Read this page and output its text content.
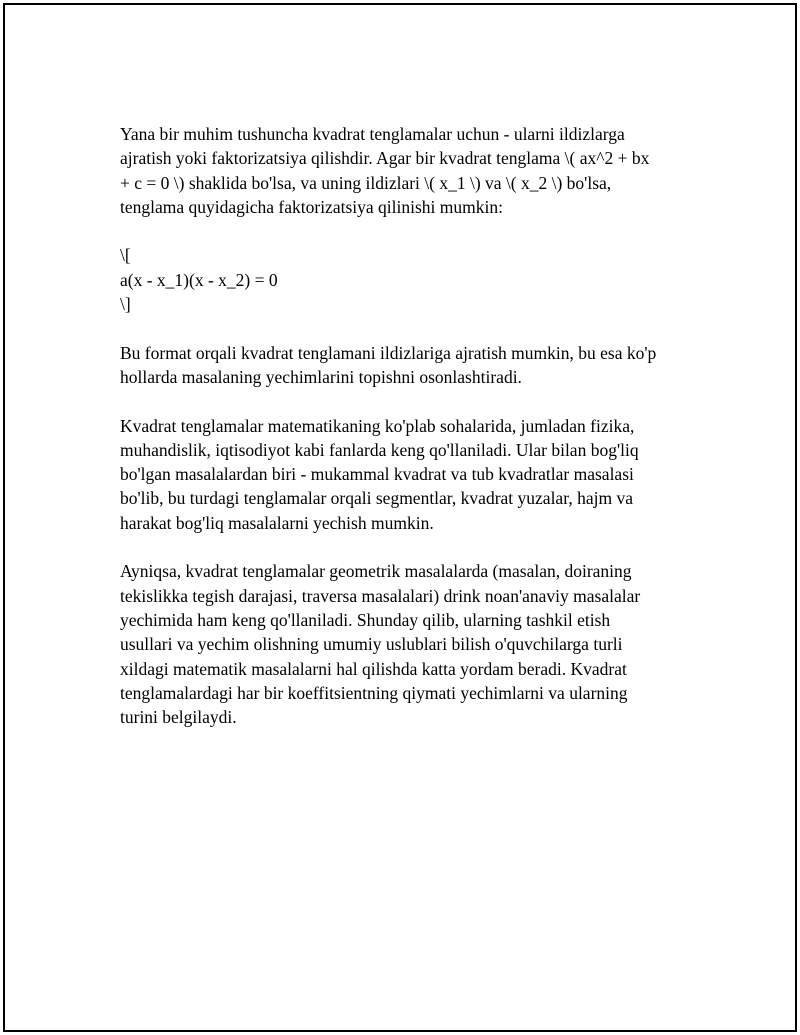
Yana bir muhim tushuncha kvadrat tenglamalar uchun - ularni ildizlarga
ajratish yoki faktorizatsiya qilishdir. Agar bir kvadrat tenglama \( ax^2 + bx
+ c = 0 \) shaklida bo'lsa, va uning ildizlari \( x_1 \) va \( x_2 \) bo'lsa,
tenglama quyidagicha faktorizatsiya qilinishi mumkin:

\[
a(x - x_1)(x - x_2) = 0
\]

Bu format orqali kvadrat tenglamani ildizlariga ajratish mumkin, bu esa ko'p
hollarda masalaning yechimlarini topishni osonlashtiradi.

Kvadrat tenglamalar matematikaning ko'plab sohalarida, jumladan fizika,
muhandislik, iqtisodiyot kabi fanlarda keng qo'llaniladi. Ular bilan bog'liq
bo'lgan masalalardan biri - mukammal kvadrat va tub kvadratlar masalasi
bo'lib, bu turdagi tenglamalar orqali segmentlar, kvadrat yuzalar, hajm va
harakat bog'liq masalalarni yechish mumkin.

Ayniqsa, kvadrat tenglamalar geometrik masalalarda (masalan, doiraning
tekislikka tegish darajasi, traversa masalalari) drink noan'anaviy masalalar
yechimida ham keng qo'llaniladi. Shunday qilib, ularning tashkil etish
usullari va yechim olishning umumiy uslublari bilish o'quvchilarga turli
xildagi matematik masalalarni hal qilishda katta yordam beradi. Kvadrat
tenglamalardagi har bir koeffitsientning qiymati yechimlarni va ularning
turini belgilaydi.
